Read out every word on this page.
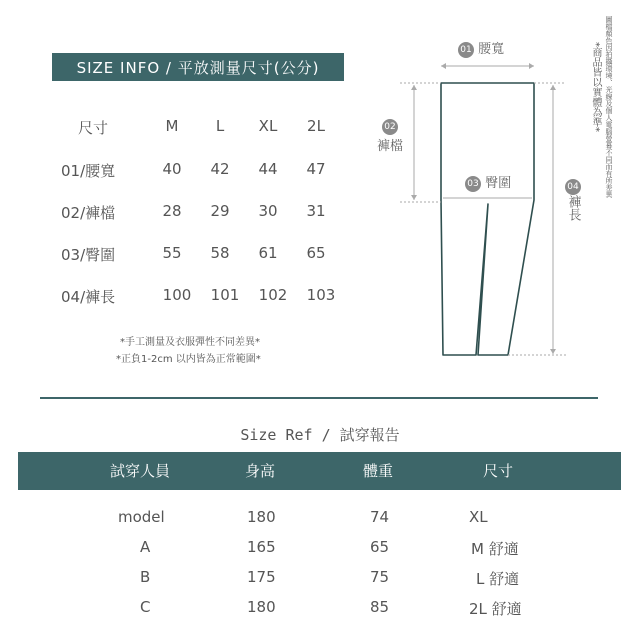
SIZE INFO / 平放測量尺寸(公分)
尺寸	M	L	XL	2L
01/腰寬	40	42	44	47
02/褲檔	28	29	30	31
03/臀圍	55	58	61	65
04/褲長	100	101	102	103
*手工測量及衣服彈性不同差異*
*正負1-2cm 以内皆為正常範圍*
01 腰寬
02
褲檔
03 臀圍	04
褲長
圖檔顏色因拍攝環境、光線及個人電腦螢幕不同而有所差異
*商品皆以實體為準*
Size Ref / 試穿報告
試穿人員	身高	體重	尺寸
model	180	74	XL
A	165	65	M 舒適
B	175	75	L 舒適
C	180	85	2L 舒適
